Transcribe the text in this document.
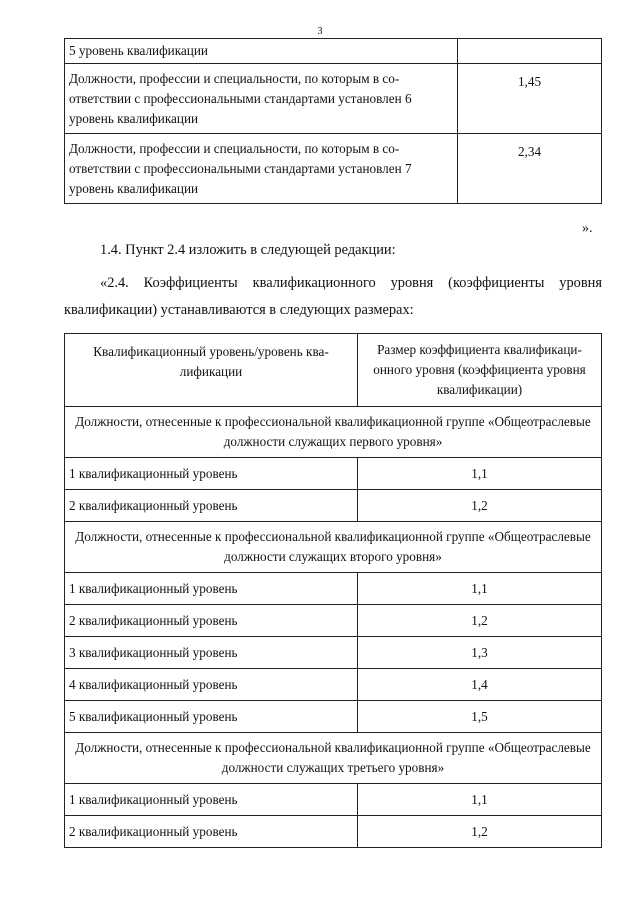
3
5 уровень квалификации	
Должности, профессии и специальности, по которым в соответствии с профессиональными стандартами установлен 6 уровень квалификации	1,45
Должности, профессии и специальности, по которым в соответствии с профессиональными стандартами установлен 7 уровень квалификации	2,34
».
1.4. Пункт 2.4 изложить в следующей редакции:
«2.4. Коэффициенты квалификационного уровня (коэффициенты уровня квалификации) устанавливаются в следующих размерах:
Квалификационный уровень/уровень квалификации	Размер коэффициента квалификационного уровня (коэффициента уровня квалификации)
Должности, отнесенные к профессиональной квалификационной группе «Общеотраслевые должности служащих первого уровня»	
1 квалификационный уровень	1,1
2 квалификационный уровень	1,2
Должности, отнесенные к профессиональной квалификационной группе «Общеотраслевые должности служащих второго уровня»	
1 квалификационный уровень	1,1
2 квалификационный уровень	1,2
3 квалификационный уровень	1,3
4 квалификационный уровень	1,4
5 квалификационный уровень	1,5
Должности, отнесенные к профессиональной квалификационной группе «Общеотраслевые должности служащих третьего уровня»	
1 квалификационный уровень	1,1
2 квалификационный уровень	1,2
